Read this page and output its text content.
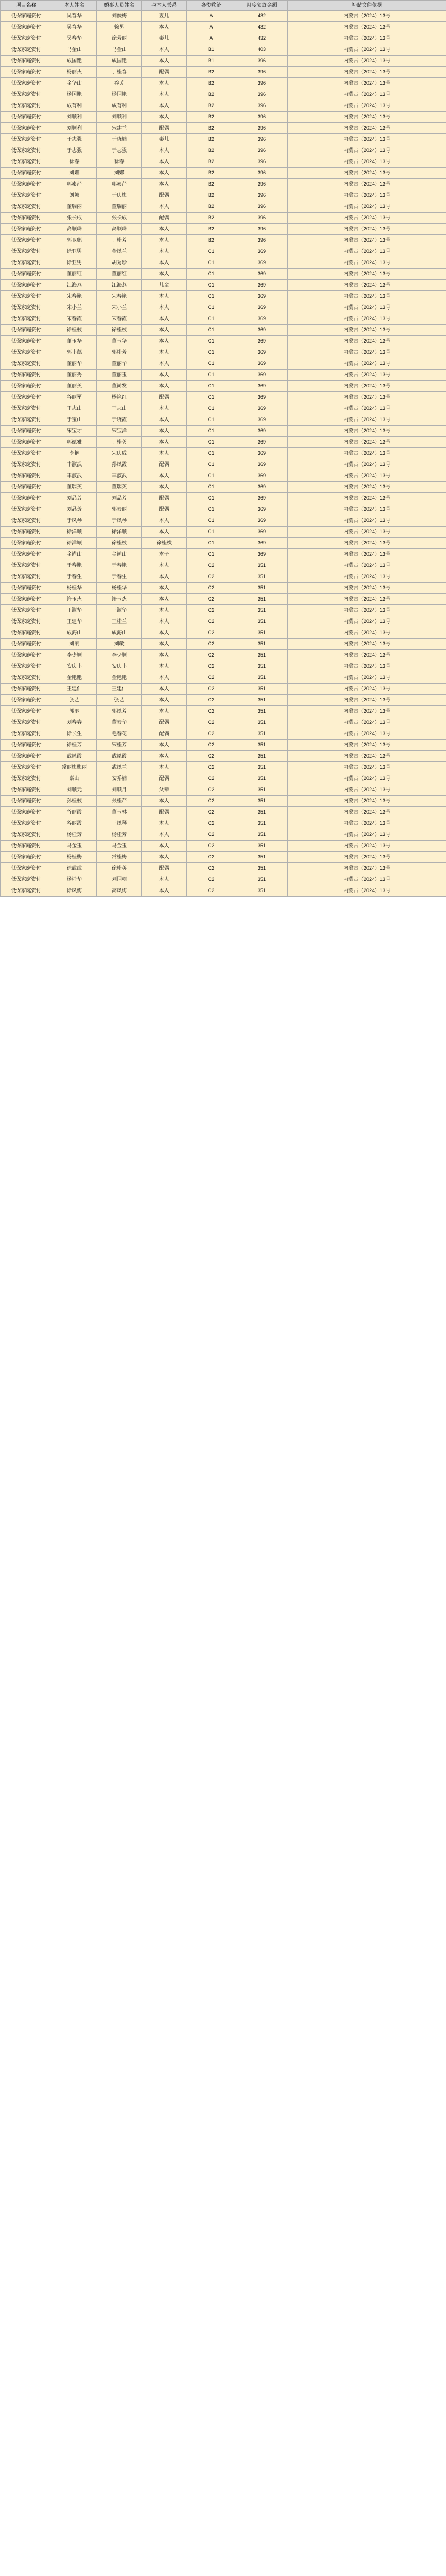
项目名称	本人姓名	婚事人员姓名	与本人关系	各类救济	月度领放金额	补贴文件依据
低保家庭资付	吴春华	刘俊梅	妻儿	A	432	内蒙古（2024）13号
低保家庭资付	吴春华	徐男	本人	A	432	内蒙古（2024）13号
低保家庭资付	吴春华	徐芳丽	妻儿	A	432	内蒙古（2024）13号
低保家庭资付	马金山	马金山	本人	B1	403	内蒙古（2024）13号
低保家庭资付	成国艳	成国艳	本人	B1	396	内蒙古（2024）13号
低保家庭资付	杨丽杰	丁桂春	配偶	B2	396	内蒙古（2024）13号
低保家庭资付	金华山	谷芳	本人	B2	396	内蒙古（2024）13号
低保家庭资付	杨国艳	杨国艳	本人	B2	396	内蒙古（2024）13号
低保家庭资付	成有利	成有利	本人	B2	396	内蒙古（2024）13号
低保家庭资付	刘顺利	刘顺利	本人	B2	396	内蒙古（2024）13号
低保家庭资付	刘顺利	宋建兰	配偶	B2	396	内蒙古（2024）13号
低保家庭资付	于志强	于晓楠	妻儿	B2	396	内蒙古（2024）13号
低保家庭资付	于志强	于志强	本人	B2	396	内蒙古（2024）13号
低保家庭资付	徐春	徐春	本人	B2	396	内蒙古（2024）13号
低保家庭资付	刘娜	刘娜	本人	B2	396	内蒙古（2024）13号
低保家庭资付	郭素芹	郭素芹	本人	B2	396	内蒙古（2024）13号
低保家庭资付	刘娜	于庆梅	配偶	B2	396	内蒙古（2024）13号
低保家庭资付	董瑞丽	董瑞丽	本人	B2	396	内蒙古（2024）13号
低保家庭资付	张长成	张长成	配偶	B2	396	内蒙古（2024）13号
低保家庭资付	高顺珠	高顺珠	本人	B2	396	内蒙古（2024）13号
低保家庭资付	郭卫彪	丁桂芳	本人	B2	396	内蒙古（2024）13号
低保家庭资付	徐亚男	金凤兰	本人	C1	369	内蒙古（2024）13号
低保家庭资付	徐亚男	胡秀珍	本人	C1	369	内蒙古（2024）13号
低保家庭资付	董丽红	董丽红	本人	C1	369	内蒙古（2024）13号
低保家庭资付	江海燕	江海燕	儿童	C1	369	内蒙古（2024）13号
低保家庭资付	宋春艳	宋春艳	本人	C1	369	内蒙古（2024）13号
低保家庭资付	宋小兰	宋小兰	本人	C1	369	内蒙古（2024）13号
低保家庭资付	宋春霞	宋春霞	本人	C1	369	内蒙古（2024）13号
低保家庭资付	徐桂枝	徐桂枝	本人	C1	369	内蒙古（2024）13号
低保家庭资付	董玉华	董玉华	本人	C1	369	内蒙古（2024）13号
低保家庭资付	郭丰德	郭桂芳	本人	C1	369	内蒙古（2024）13号
低保家庭资付	董丽华	董丽华	本人	C1	369	内蒙古（2024）13号
低保家庭资付	董丽秀	董丽玉	本人	C1	369	内蒙古（2024）13号
低保家庭资付	董丽英	董尚发	本人	C1	369	内蒙古（2024）13号
低保家庭资付	谷丽军	杨艳红	配偶	C1	369	内蒙古（2024）13号
低保家庭资付	王志山	王志山	本人	C1	369	内蒙古（2024）13号
低保家庭资付	于宝山	于晓霞	本人	C1	369	内蒙古（2024）13号
低保家庭资付	宋宝才	宋宝洋	本人	C1	369	内蒙古（2024）13号
低保家庭资付	郭德雅	丁桂英	本人	C1	369	内蒙古（2024）13号
低保家庭资付	李艳	宋庆成	本人	C1	369	内蒙古（2024）13号
低保家庭资付	丰淑武	孙凤霞	配偶	C1	369	内蒙古（2024）13号
低保家庭资付	丰淑武	丰淑武	本人	C1	369	内蒙古（2024）13号
低保家庭资付	董瑞英	董瑞英	本人	C1	369	内蒙古（2024）13号
低保家庭资付	刘品芳	刘品芳	配偶	C1	369	内蒙古（2024）13号
低保家庭资付	刘品芳	郭素丽	配偶	C1	369	内蒙古（2024）13号
低保家庭资付	于凤琴	于凤琴	本人	C1	369	内蒙古（2024）13号
低保家庭资付	徐洋顺	徐洋顺	本人	C1	369	内蒙古（2024）13号
低保家庭资付	徐洋顺	徐桂枝	徐桂枝	C1	369	内蒙古（2024）13号
低保家庭资付	金尚山	金尚山	本子	C1	369	内蒙古（2024）13号
低保家庭资付	于春艳	于春艳	本人	C2	351	内蒙古（2024）13号
低保家庭资付	于春生	于春生	本人	C2	351	内蒙古（2024）13号
低保家庭资付	杨桂华	杨桂华	本人	C2	351	内蒙古（2024）13号
低保家庭资付	许玉杰	许玉杰	本人	C2	351	内蒙古（2024）13号
低保家庭资付	王淑华	王淑华	本人	C2	351	内蒙古（2024）13号
低保家庭资付	王建华	王桂兰	本人	C2	351	内蒙古（2024）13号
低保家庭资付	成海山	成海山	本人	C2	351	内蒙古（2024）13号
低保家庭资付	刘丽	刘敏	本人	C2	351	内蒙古（2024）13号
低保家庭资付	李少顺	李少顺	本人	C2	351	内蒙古（2024）13号
低保家庭资付	安庆丰	安庆丰	本人	C2	351	内蒙古（2024）13号
低保家庭资付	金艳艳	金艳艳	本人	C2	351	内蒙古（2024）13号
低保家庭资付	王建仁	王建仁	本人	C2	351	内蒙古（2024）13号
低保家庭资付	张艺	张艺	本人	C2	351	内蒙古（2024）13号
低保家庭资付	郭丽	郭凤芳	本人	C2	351	内蒙古（2024）13号
低保家庭资付	刘春春	董素华	配偶	C2	351	内蒙古（2024）13号
低保家庭资付	徐长生	毛春花	配偶	C2	351	内蒙古（2024）13号
低保家庭资付	徐桂芳	宋桂芳	本人	C2	351	内蒙古（2024）13号
低保家庭资付	武凤霞	武凤霞	本人	C2	351	内蒙古（2024）13号
低保家庭资付	常丽梅梅丽	武凤兰	本人	C2	351	内蒙古（2024）13号
低保家庭资付	嘉山	安乔楠	配偶	C2	351	内蒙古（2024）13号
低保家庭资付	刘顺元	刘顺月	父辈	C2	351	内蒙古（2024）13号
低保家庭资付	孙桂枝	张桂芹	本人	C2	351	内蒙古（2024）13号
低保家庭资付	谷丽霞	董玉林	配偶	C2	351	内蒙古（2024）13号
低保家庭资付	谷丽霞	王凤琴	本人	C2	351	内蒙古（2024）13号
低保家庭资付	杨桂芳	杨桂芳	本人	C2	351	内蒙古（2024）13号
低保家庭资付	马金玉	马金玉	本人	C2	351	内蒙古（2024）13号
低保家庭资付	杨桂梅	常桂梅	本人	C2	351	内蒙古（2024）13号
低保家庭资付	徐武武	徐桂英	配偶	C2	351	内蒙古（2024）13号
低保家庭资付	杨桂华	刘国朝	本人	C2	351	内蒙古（2024）13号
低保家庭资付	徐凤梅	高凤梅	本人	C2	351	内蒙古（2024）13号
